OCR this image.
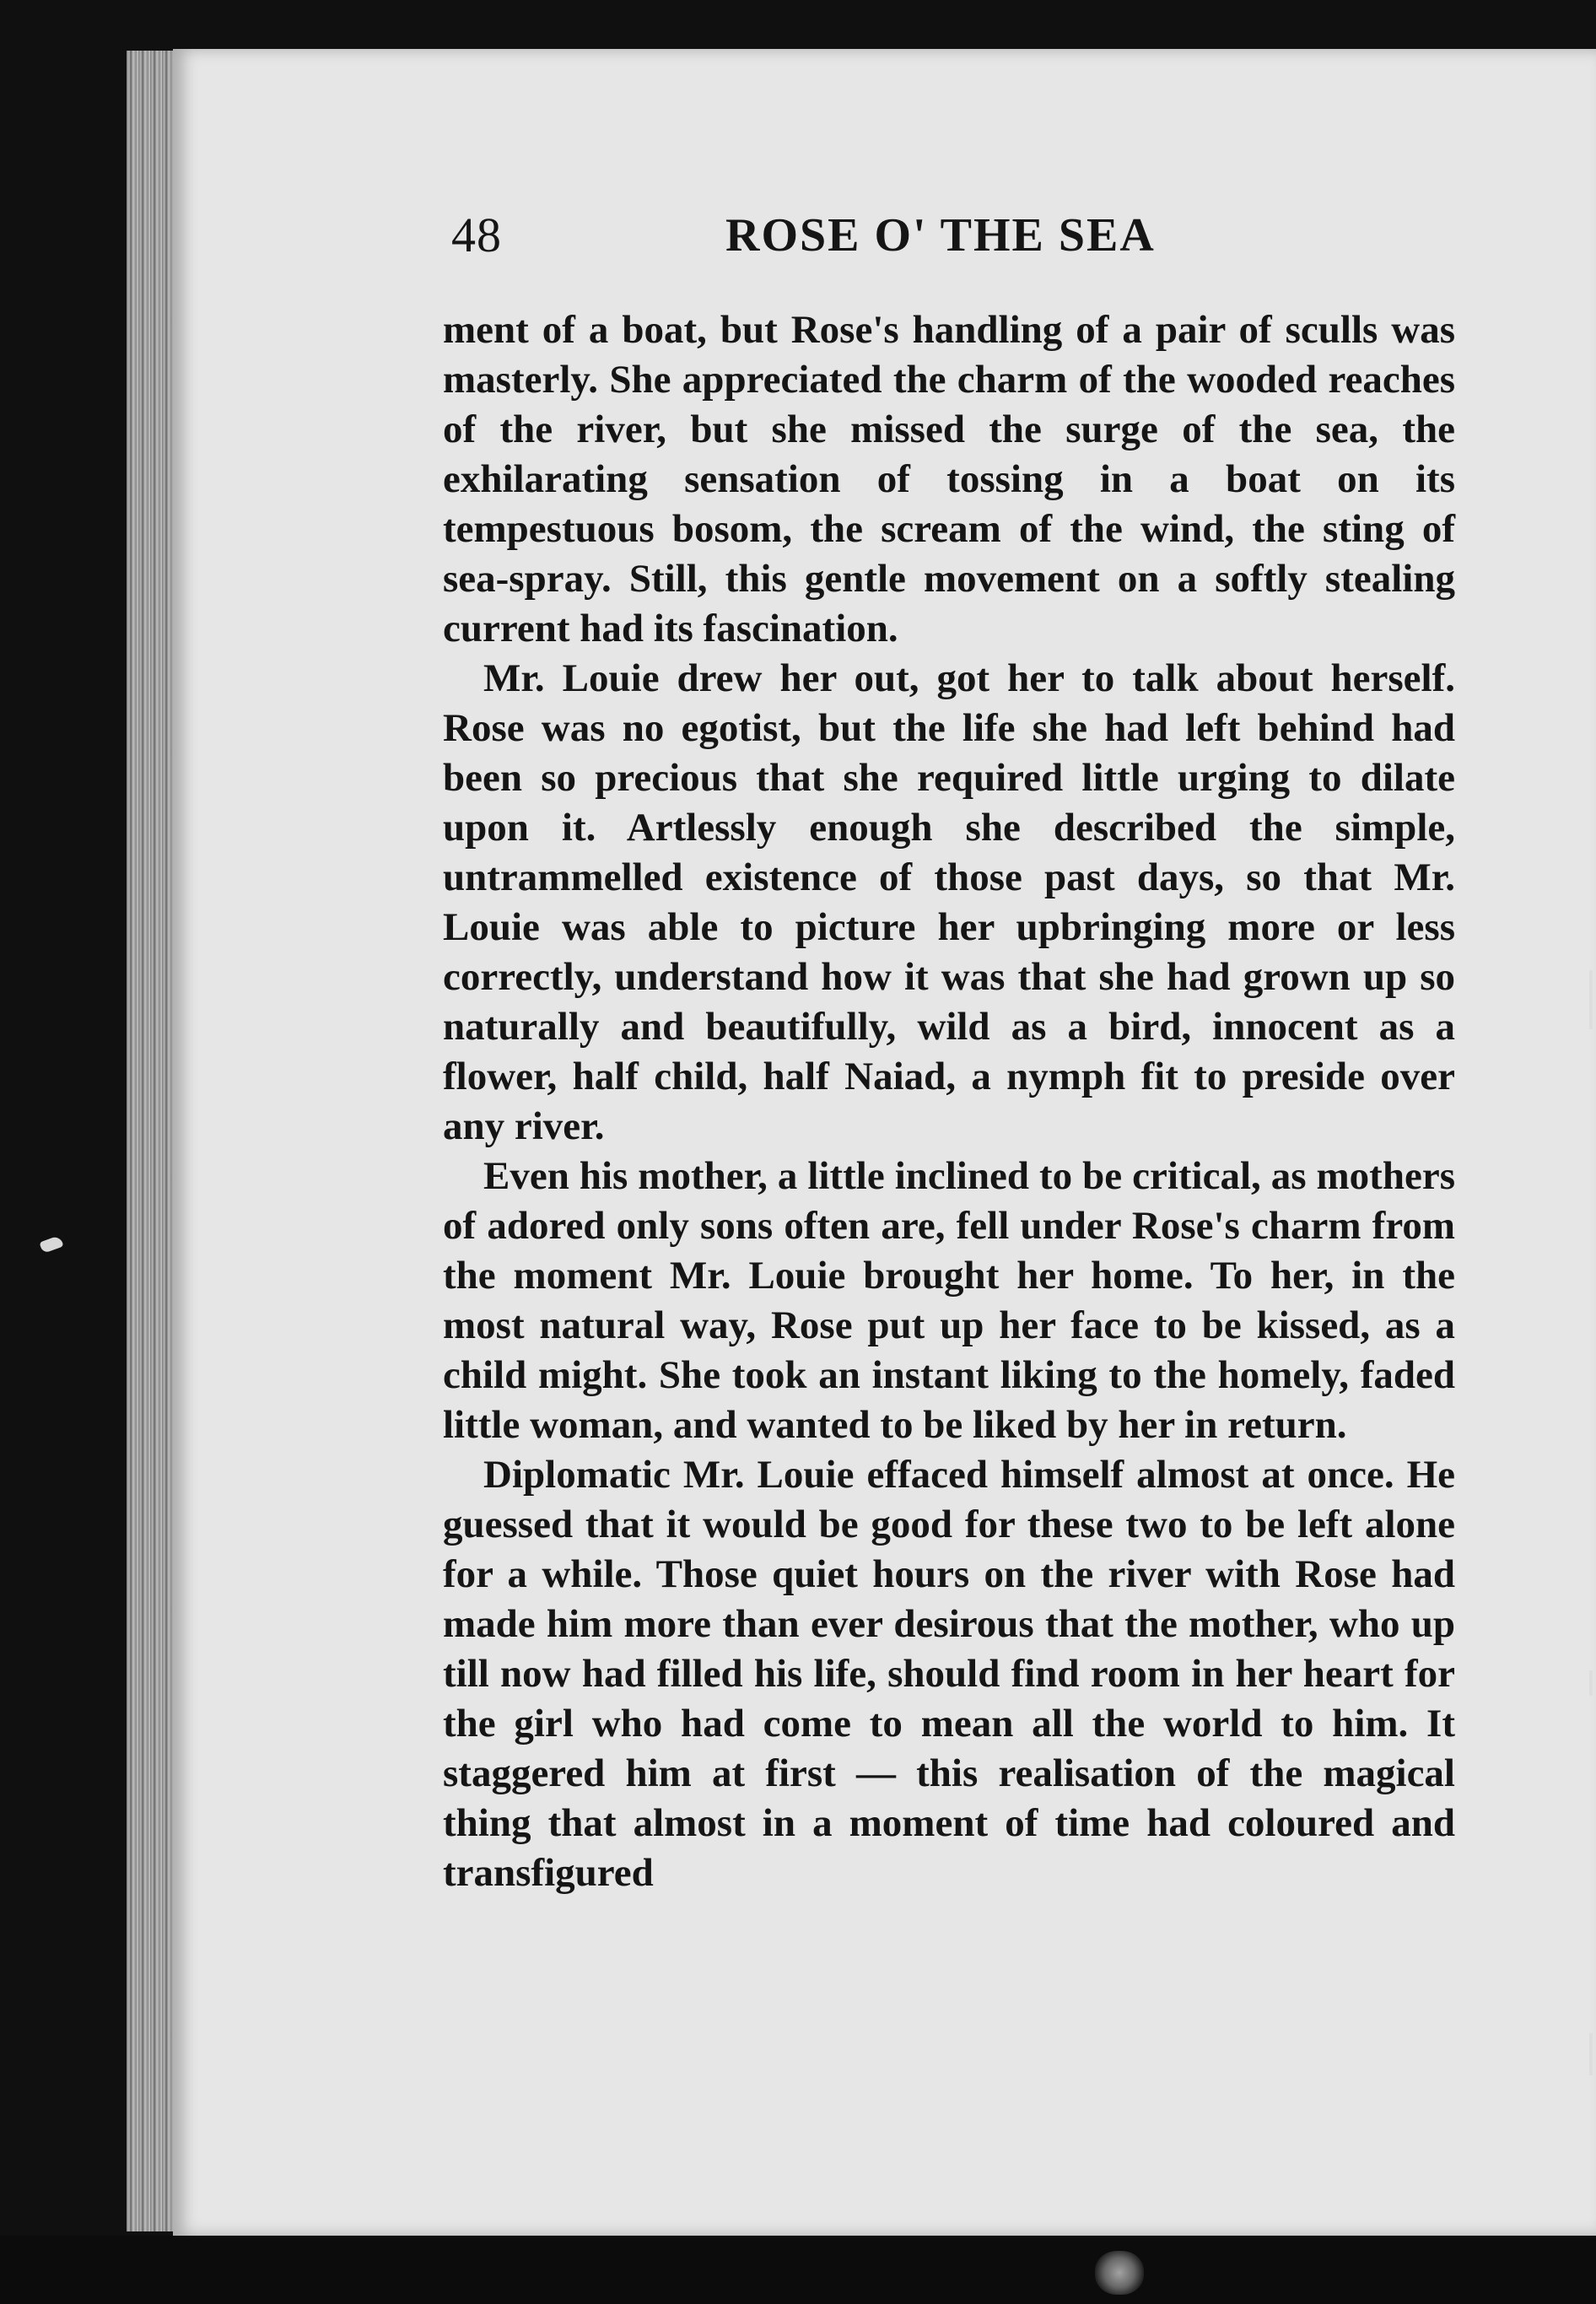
48	ROSE O' THE SEA

ment of a boat, but Rose's handling of a pair of sculls was masterly. She appreciated the charm of the wooded reaches of the river, but she missed the surge of the sea, the exhilarating sensation of tossing in a boat on its tempestuous bosom, the scream of the wind, the sting of sea-spray. Still, this gentle movement on a softly stealing current had its fascination.

Mr. Louie drew her out, got her to talk about herself. Rose was no egotist, but the life she had left behind had been so precious that she required little urging to dilate upon it. Artlessly enough she described the simple, untrammelled existence of those past days, so that Mr. Louie was able to picture her upbringing more or less correctly, understand how it was that she had grown up so naturally and beautifully, wild as a bird, innocent as a flower, half child, half Naiad, a nymph fit to preside over any river.

Even his mother, a little inclined to be critical, as mothers of adored only sons often are, fell under Rose's charm from the moment Mr. Louie brought her home. To her, in the most natural way, Rose put up her face to be kissed, as a child might. She took an instant liking to the homely, faded little woman, and wanted to be liked by her in return.

Diplomatic Mr. Louie effaced himself almost at once. He guessed that it would be good for these two to be left alone for a while. Those quiet hours on the river with Rose had made him more than ever desirous that the mother, who up till now had filled his life, should find room in her heart for the girl who had come to mean all the world to him. It staggered him at first — this realisation of the magical thing that almost in a moment of time had coloured and transfigured
